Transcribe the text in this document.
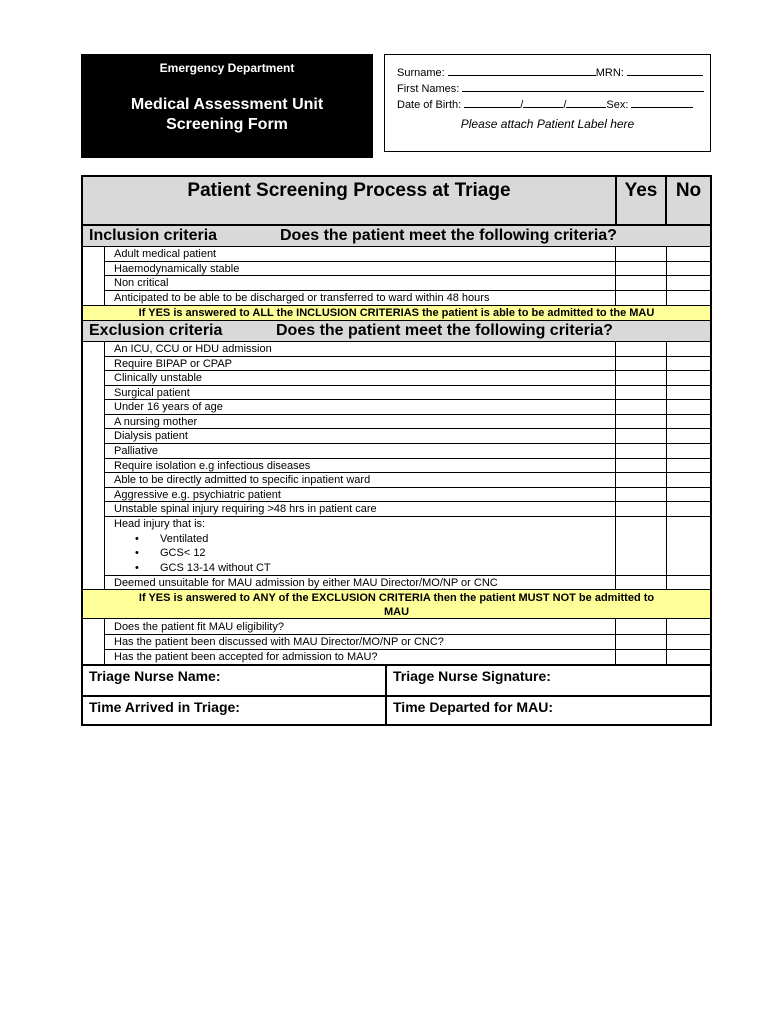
Emergency Department
Medical Assessment Unit
Screening Form
Surname:	MRN:
First Names:
Date of Birth:	/	/	Sex:
Please attach Patient Label here
Patient Screening Process at Triage	Yes No
Inclusion criteria	Does the patient meet the following criteria?
Adult medical patient
Haemodynamically stable
Non critical
Anticipated to be able to be discharged or transferred to ward within 48 hours
If YES is answered to ALL the INCLUSION CRITERIAS the patient is able to be admitted to the MAU
Exclusion criteria	Does the patient meet the following criteria?
An ICU, CCU or HDU admission
Require BIPAP or CPAP
Clinically unstable
Surgical patient
Under 16 years of age
A nursing mother
Dialysis patient
Palliative
Require isolation e.g infectious diseases
Able to be directly admitted to specific inpatient ward
Aggressive e.g. psychiatric patient
Unstable spinal injury requiring >48 hrs in patient care
Head injury that is:
• Ventilated
• GCS< 12
• GCS 13-14 without CT
Deemed unsuitable for MAU admission by either MAU Director/MO/NP or CNC
If YES is answered to ANY of the EXCLUSION CRITERIA then the patient MUST NOT be admitted to
MAU
Does the patient fit MAU eligibility?
Has the patient been discussed with MAU Director/MO/NP or CNC?
Has the patient been accepted for admission to MAU?
Triage Nurse Name:	Triage Nurse Signature:
Time Arrived in Triage:	Time Departed for MAU:
